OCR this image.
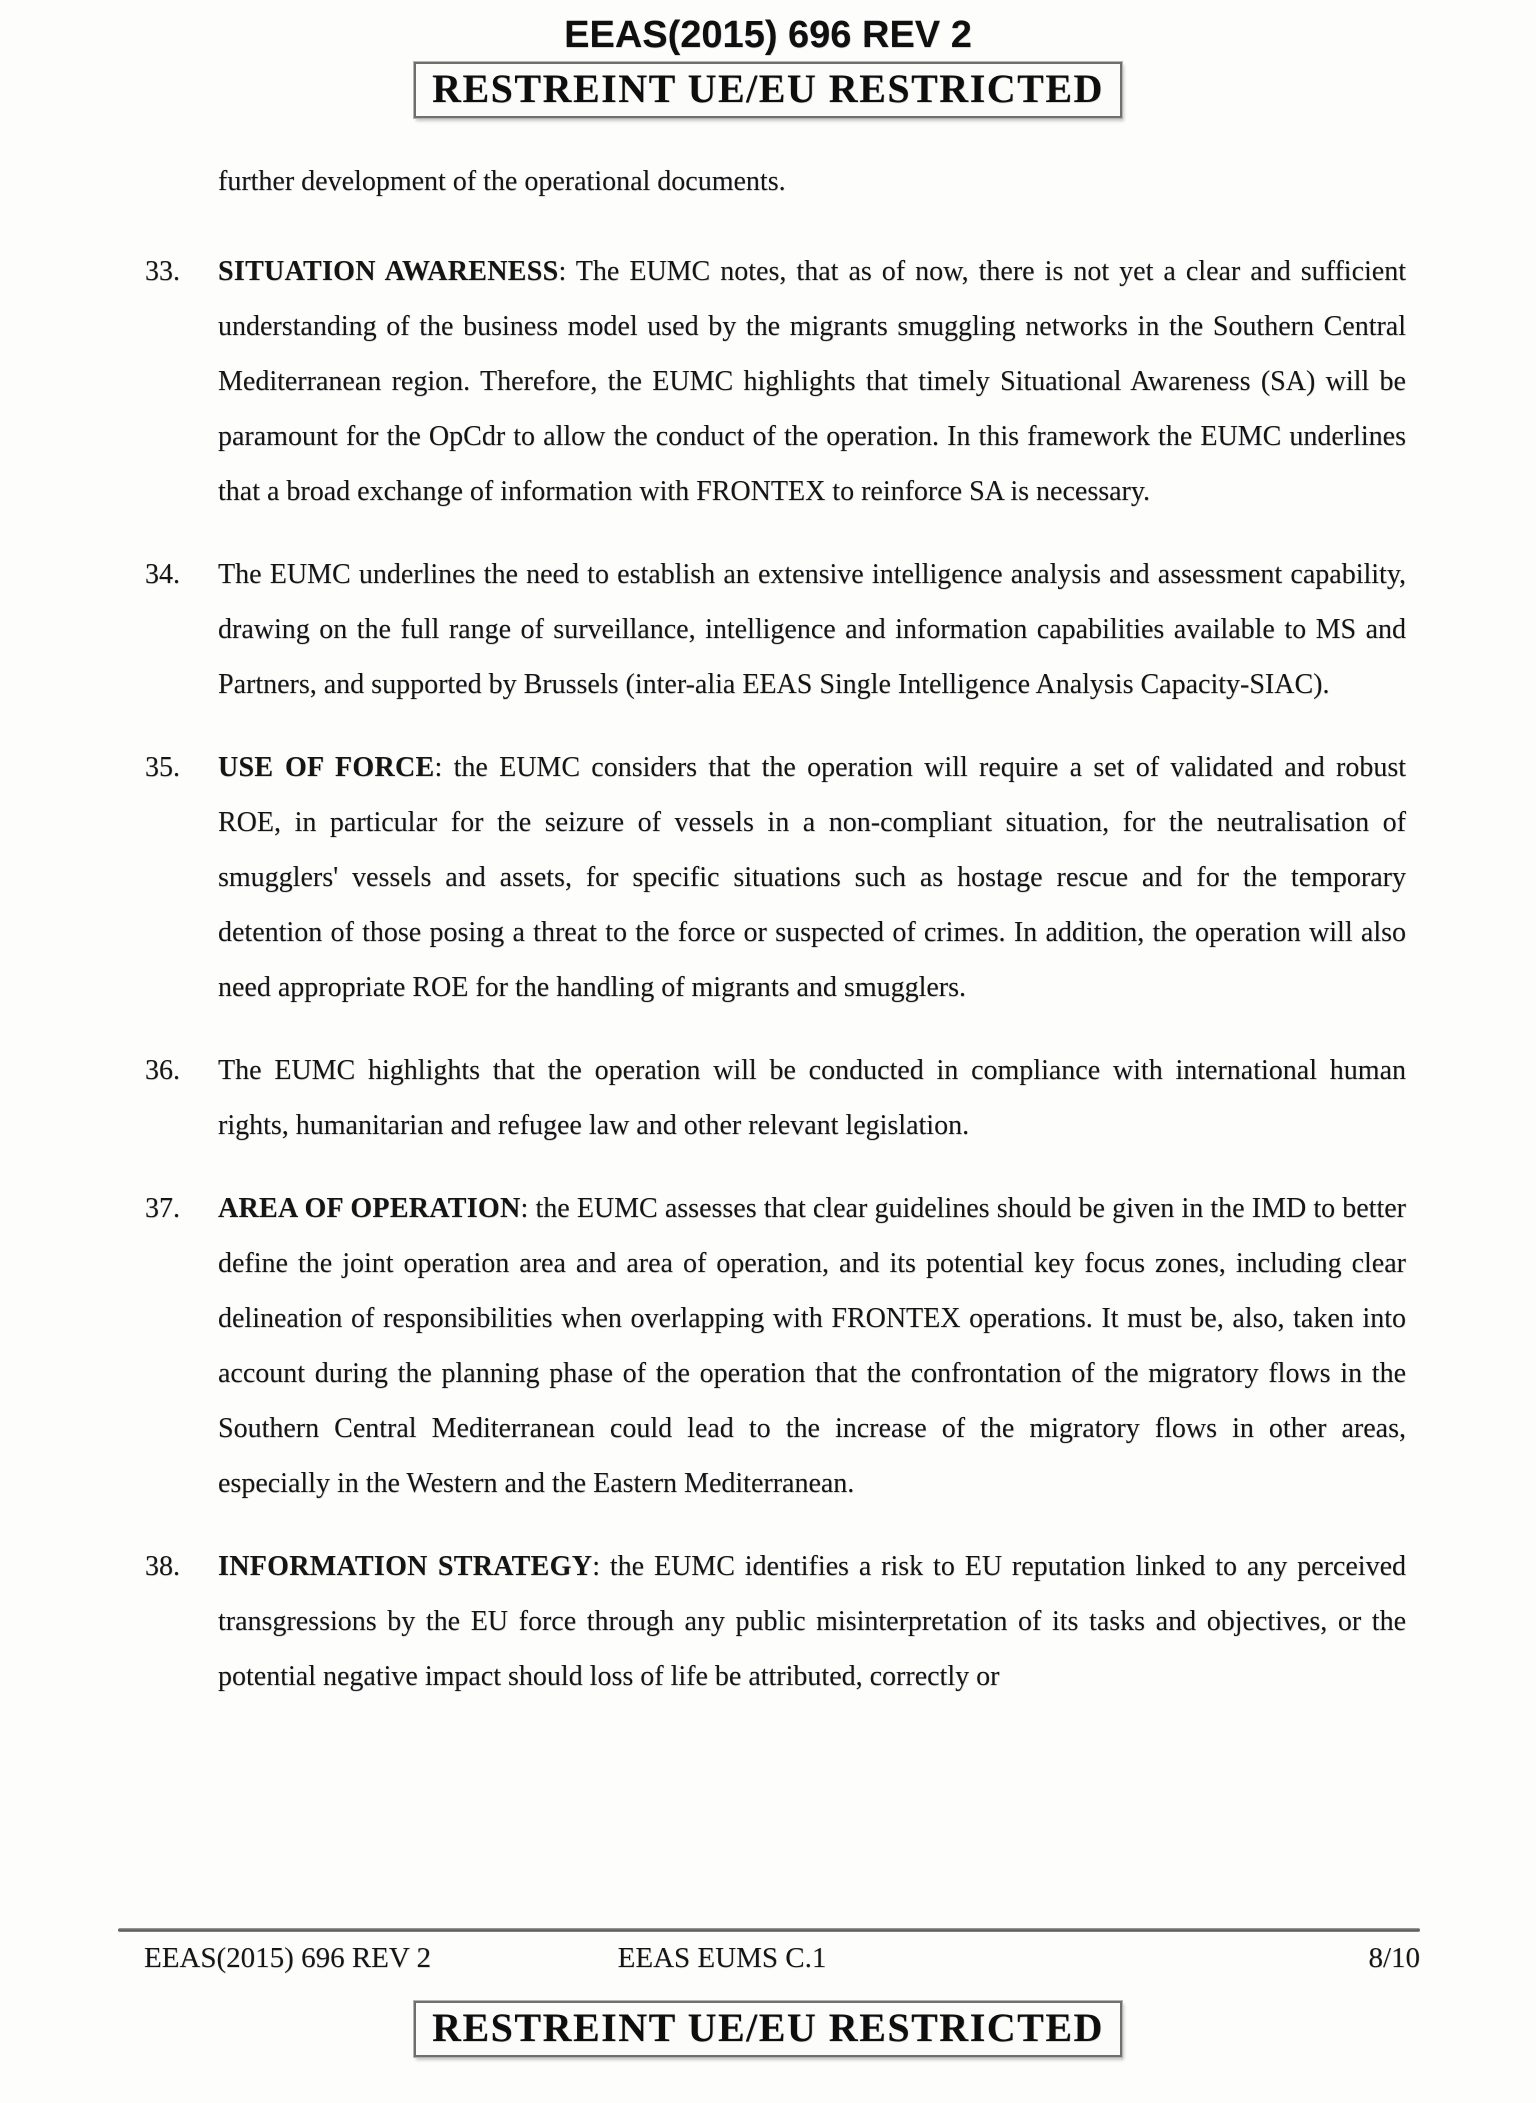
EEAS(2015) 696 REV 2
RESTREINT UE/EU RESTRICTED
further development of the operational documents.
33.	SITUATION AWARENESS: The EUMC notes, that as of now, there is not yet a clear and sufficient understanding of the business model used by the migrants smuggling networks in the Southern Central Mediterranean region. Therefore, the EUMC highlights that timely Situational Awareness (SA) will be paramount for the OpCdr to allow the conduct of the operation. In this framework the EUMC underlines that a broad exchange of information with FRONTEX to reinforce SA is necessary.
34.	The EUMC underlines the need to establish an extensive intelligence analysis and assessment capability, drawing on the full range of surveillance, intelligence and information capabilities available to MS and Partners, and supported by Brussels (inter-alia EEAS Single Intelligence Analysis Capacity-SIAC).
35.	USE OF FORCE: the EUMC considers that the operation will require a set of validated and robust ROE, in particular for the seizure of vessels in a non-compliant situation, for the neutralisation of smugglers' vessels and assets, for specific situations such as hostage rescue and for the temporary detention of those posing a threat to the force or suspected of crimes. In addition, the operation will also need appropriate ROE for the handling of migrants and smugglers.
36.	The EUMC highlights that the operation will be conducted in compliance with international human rights, humanitarian and refugee law and other relevant legislation.
37.	AREA OF OPERATION: the EUMC assesses that clear guidelines should be given in the IMD to better define the joint operation area and area of operation, and its potential key focus zones, including clear delineation of responsibilities when overlapping with FRONTEX operations. It must be, also, taken into account during the planning phase of the operation that the confrontation of the migratory flows in the Southern Central Mediterranean could lead to the increase of the migratory flows in other areas, especially in the Western and the Eastern Mediterranean.
38.	INFORMATION STRATEGY: the EUMC identifies a risk to EU reputation linked to any perceived transgressions by the EU force through any public misinterpretation of its tasks and objectives, or the potential negative impact should loss of life be attributed, correctly or
EEAS(2015) 696 REV 2	EEAS EUMS C.1	8/10
RESTREINT UE/EU RESTRICTED
